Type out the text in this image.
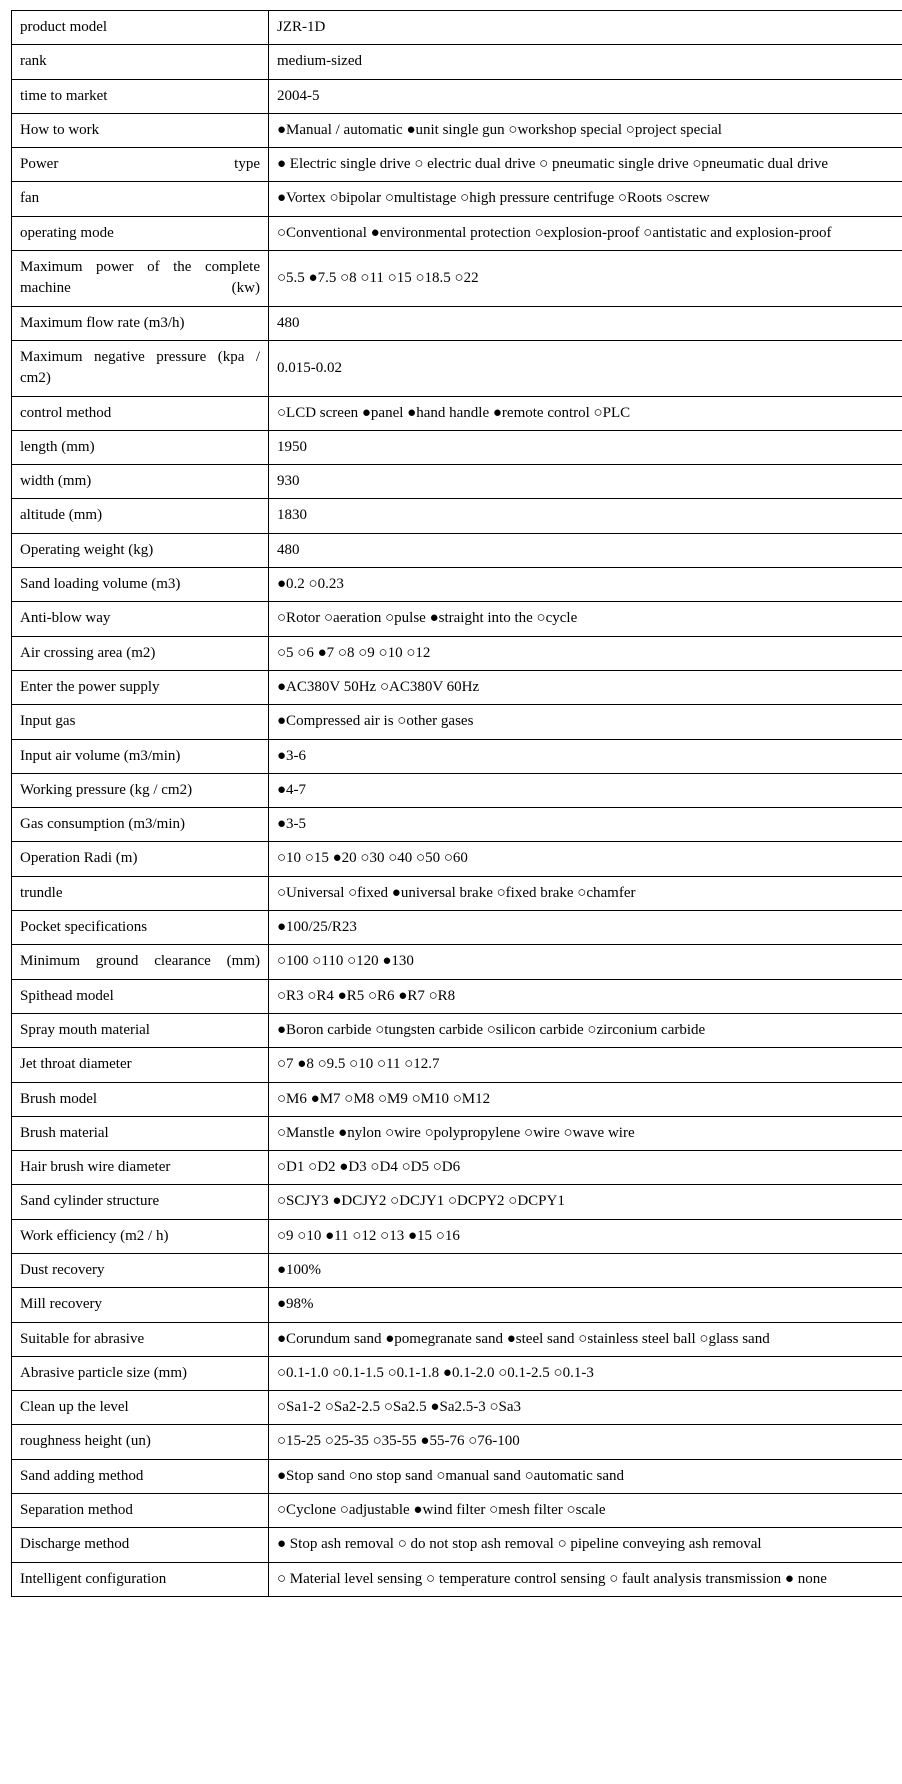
product model	JZR-1D
rank	medium-sized
time to market	2004-5
How to work	●Manual / automatic ●unit single gun ○workshop special ○project special
Power type	● Electric single drive ○ electric dual drive ○ pneumatic single drive ○pneumatic dual drive
fan	●Vortex ○bipolar ○multistage ○high pressure centrifuge ○Roots ○screw
operating mode	○Conventional ●environmental protection ○explosion-proof ○antistatic and explosion-proof
Maximum power of the complete machine (kw)	○5.5 ●7.5 ○8 ○11 ○15 ○18.5 ○22
Maximum flow rate (m3/h)	480
Maximum negative pressure (kpa / cm2)	0.015-0.02
control method	○LCD screen ●panel ●hand handle ●remote control ○PLC
length (mm)	1950
width (mm)	930
altitude (mm)	1830
Operating weight (kg)	480
Sand loading volume (m3)	●0.2 ○0.23
Anti-blow way	○Rotor ○aeration ○pulse ●straight into the ○cycle
Air crossing area (m2)	○5 ○6 ●7 ○8 ○9 ○10 ○12
Enter the power supply	●AC380V 50Hz ○AC380V 60Hz
Input gas	●Compressed air is ○other gases
Input air volume (m3/min)	●3-6
Working pressure (kg / cm2)	●4-7
Gas consumption (m3/min)	●3-5
Operation Radi (m)	○10 ○15 ●20 ○30 ○40 ○50 ○60
trundle	○Universal ○fixed ●universal brake ○fixed brake ○chamfer
Pocket specifications	●100/25/R23
Minimum ground clearance (mm)	○100 ○110 ○120 ●130
Spithead model	○R3 ○R4 ●R5 ○R6 ●R7 ○R8
Spray mouth material	●Boron carbide ○tungsten carbide ○silicon carbide ○zirconium carbide
Jet throat diameter	○7 ●8 ○9.5 ○10 ○11 ○12.7
Brush model	○M6 ●M7 ○M8 ○M9 ○M10 ○M12
Brush material	○Manstle ●nylon ○wire ○polypropylene ○wire ○wave wire
Hair brush wire diameter	○D1 ○D2 ●D3 ○D4 ○D5 ○D6
Sand cylinder structure	○SCJY3 ●DCJY2 ○DCJY1 ○DCPY2 ○DCPY1
Work efficiency (m2 / h)	○9 ○10 ●11 ○12 ○13 ●15 ○16
Dust recovery	●100%
Mill recovery	●98%
Suitable for abrasive	●Corundum sand ●pomegranate sand ●steel sand ○stainless steel ball ○glass sand
Abrasive particle size (mm)	○0.1-1.0 ○0.1-1.5 ○0.1-1.8 ●0.1-2.0 ○0.1-2.5 ○0.1-3
Clean up the level	○Sa1-2 ○Sa2-2.5 ○Sa2.5 ●Sa2.5-3 ○Sa3
roughness height (un)	○15-25 ○25-35 ○35-55 ●55-76 ○76-100
Sand adding method	●Stop sand ○no stop sand ○manual sand ○automatic sand
Separation method	○Cyclone ○adjustable ●wind filter ○mesh filter ○scale
Discharge method	● Stop ash removal ○ do not stop ash removal ○ pipeline conveying ash removal
Intelligent configuration	○ Material level sensing ○ temperature control sensing ○ fault analysis transmission ● none
